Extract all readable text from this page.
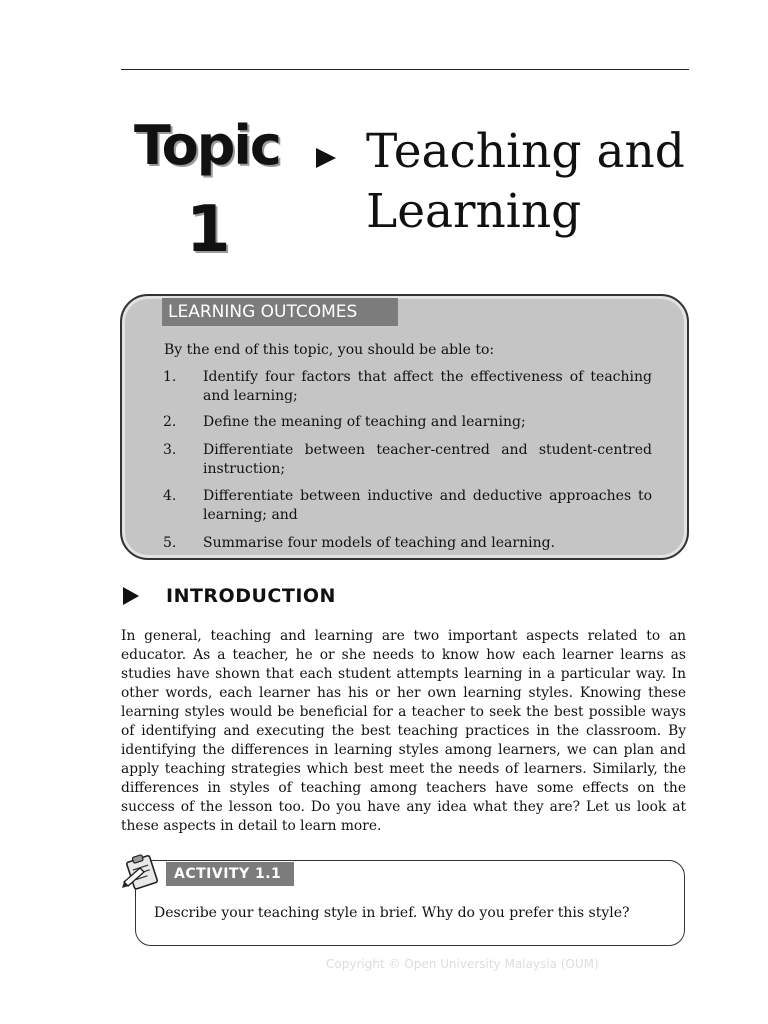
Topic
1
Teaching and Learning
LEARNING OUTCOMES
By the end of this topic, you should be able to:
1. Identify four factors that affect the effectiveness of teaching and learning;
2. Define the meaning of teaching and learning;
3. Differentiate between teacher-centred and student-centred instruction;
4. Differentiate between inductive and deductive approaches to learning; and
5. Summarise four models of teaching and learning.
INTRODUCTION
In general, teaching and learning are two important aspects related to an educator. As a teacher, he or she needs to know how each learner learns as studies have shown that each student attempts learning in a particular way. In other words, each learner has his or her own learning styles. Knowing these learning styles would be beneficial for a teacher to seek the best possible ways of identifying and executing the best teaching practices in the classroom. By identifying the differences in learning styles among learners, we can plan and apply teaching strategies which best meet the needs of learners. Similarly, the differences in styles of teaching among teachers have some effects on the success of the lesson too. Do you have any idea what they are? Let us look at these aspects in detail to learn more.
ACTIVITY 1.1
Describe your teaching style in brief. Why do you prefer this style?
Copyright © Open University Malaysia (OUM)
